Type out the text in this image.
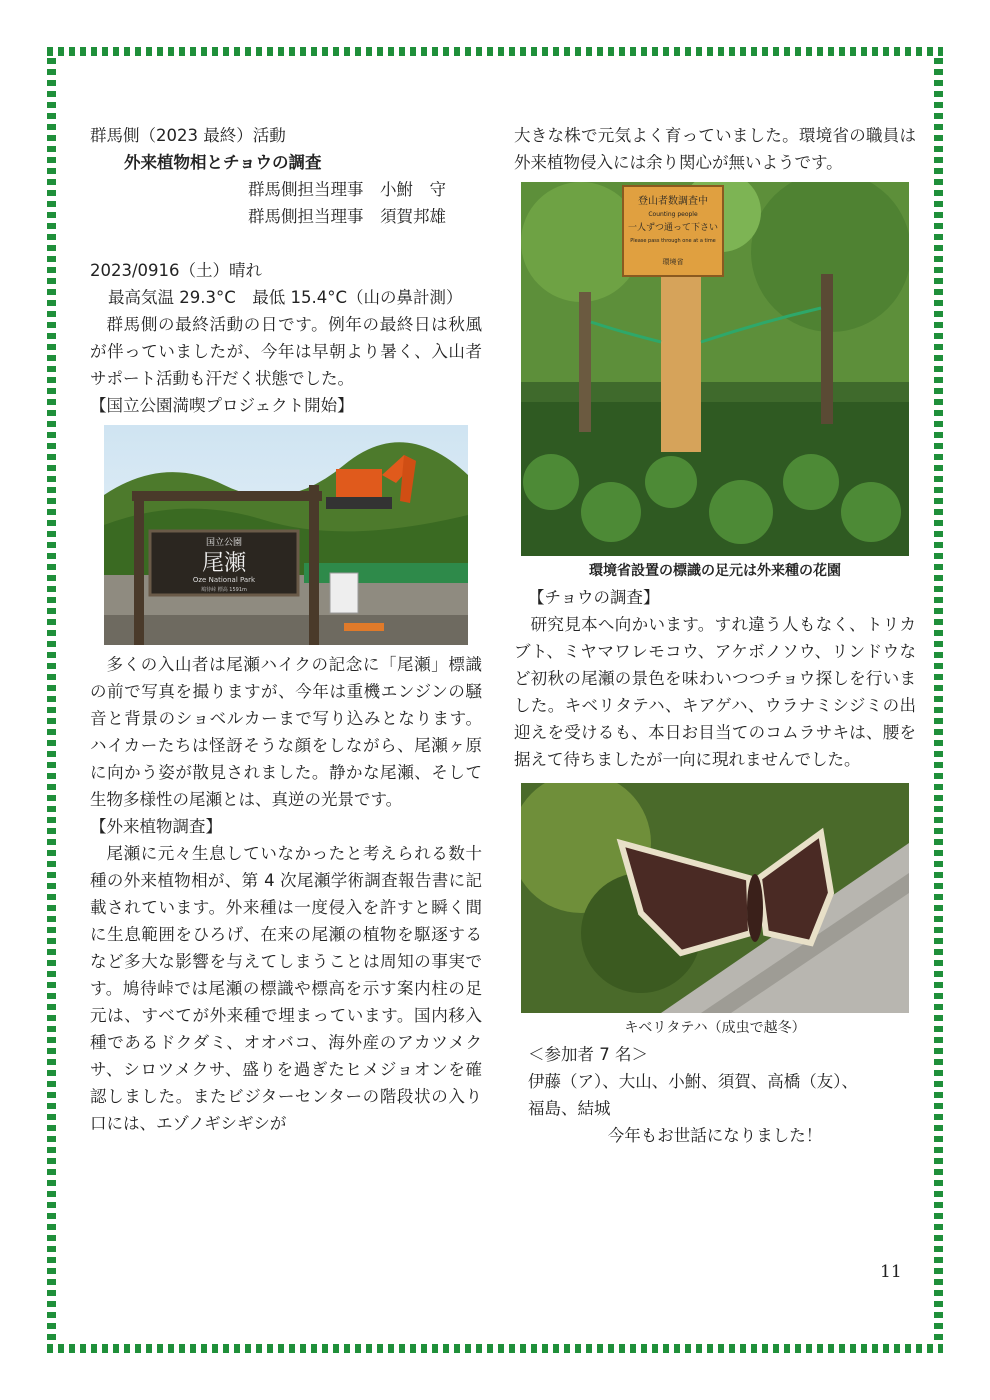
群馬側（2023 最終）活動

外来植物相とチョウの調査

群馬側担当理事　小鮒　守

群馬側担当理事　須賀邦雄

2023/0916（土）晴れ

最高気温 29.3°C　最低 15.4°C（山の鼻計測）

群馬側の最終活動の日です。例年の最終日は秋風が伴っていましたが、今年は早朝より暑く、入山者サポート活動も汗だく状態でした。

【国立公園満喫プロジェクト開始】

国立公園
尾瀬
Oze National Park
鳩待峠 標高 1591m

多くの入山者は尾瀬ハイクの記念に「尾瀬」標識の前で写真を撮りますが、今年は重機エンジンの騒音と背景のショベルカーまで写り込みとなります。ハイカーたちは怪訝そうな顔をしながら、尾瀬ヶ原に向かう姿が散見されました。静かな尾瀬、そして生物多様性の尾瀬とは、真逆の光景です。

【外来植物調査】

尾瀬に元々生息していなかったと考えられる数十種の外来植物相が、第 4 次尾瀬学術調査報告書に記載されています。外来種は一度侵入を許すと瞬く間に生息範囲をひろげ、在来の尾瀬の植物を駆逐するなど多大な影響を与えてしまうことは周知の事実です。鳩待峠では尾瀬の標識や標高を示す案内柱の足元は、すべてが外来種で埋まっています。国内移入種であるドクダミ、オオバコ、海外産のアカツメクサ、シロツメクサ、盛りを過ぎたヒメジョオンを確認しました。またビジターセンターの階段状の入り口には、エゾノギシギシが

大きな株で元気よく育っていました。環境省の職員は外来植物侵入には余り関心が無いようです。

登山者数調査中
Counting people
一人ずつ通って下さい
Please pass through one at a time
環境省

環境省設置の標識の足元は外来種の花園

【チョウの調査】

研究見本へ向かいます。すれ違う人もなく、トリカブト、ミヤマワレモコウ、アケボノソウ、リンドウなど初秋の尾瀬の景色を味わいつつチョウ探しを行いました。キベリタテハ、キアゲハ、ウラナミシジミの出迎えを受けるも、本日お目当てのコムラサキは、腰を据えて待ちましたが一向に現れませんでした。

キベリタテハ（成虫で越冬）

＜参加者 7 名＞

伊藤（ア）、大山、小鮒、須賀、高橋（友）、

福島、結城

今年もお世話になりました！

11
